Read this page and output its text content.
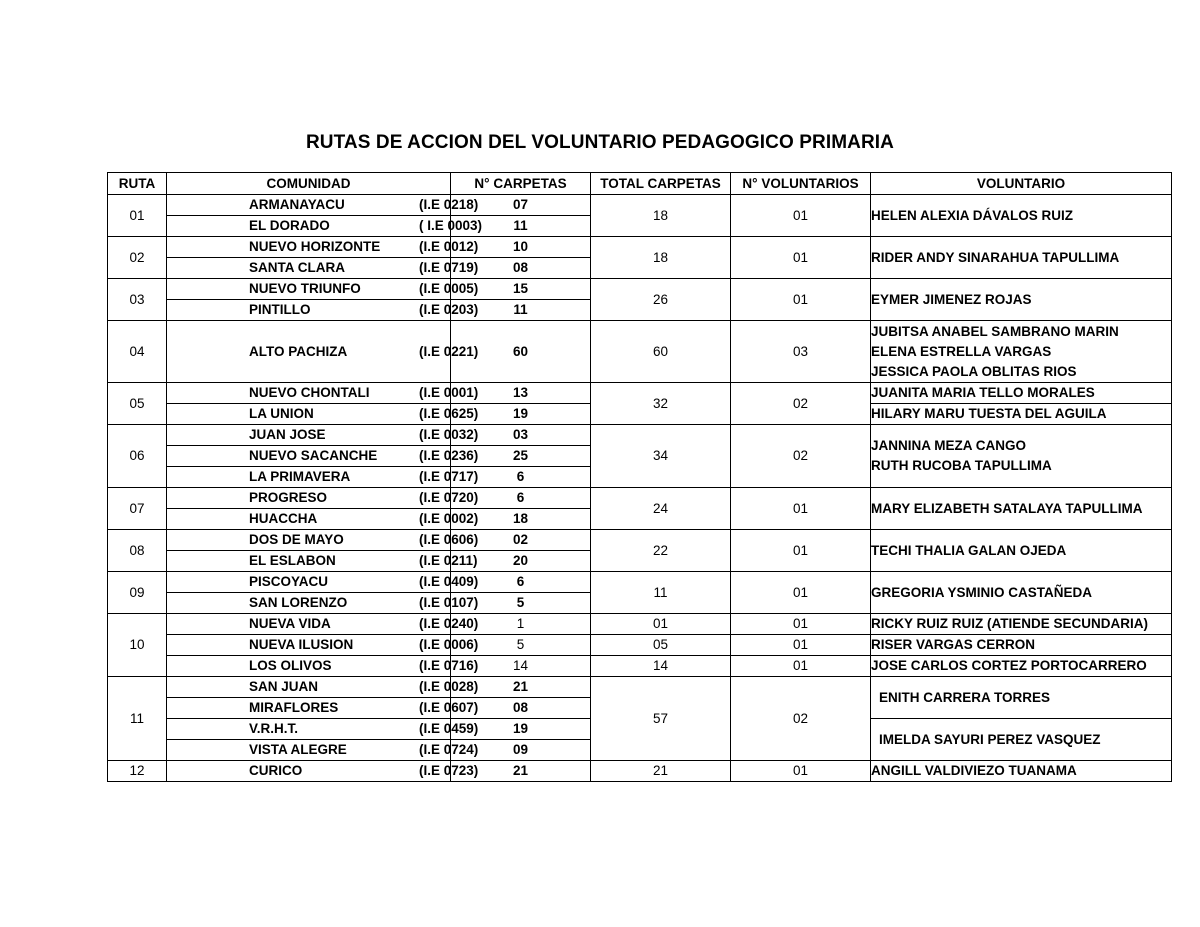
RUTAS DE ACCION DEL VOLUNTARIO PEDAGOGICO PRIMARIA
RUTA	COMUNIDAD	N° CARPETAS	TOTAL CARPETAS	N° VOLUNTARIOS	VOLUNTARIO
01	ARMANAYACU (I.E 0218)	07	18	01	HELEN ALEXIA DÁVALOS RUIZ

	EL DORADO ( I.E 0003)	11			
02	NUEVO HORIZONTE (I.E 0012)	10	18	01	RIDER ANDY SINARAHUA TAPULLIMA

	SANTA CLARA (I.E 0719)	08			
03	NUEVO TRIUNFO (I.E 0005)	15	26	01	EYMER JIMENEZ ROJAS

	PINTILLO (I.E 0203)	11			
04	ALTO PACHIZA (I.E 0221)	60	60	03	JUBITSA ANABEL SAMBRANO MARIN
ELENA ESTRELLA VARGAS
JESSICA PAOLA OBLITAS RIOS

05	NUEVO CHONTALI (I.E 0001)	13	32	02	JUANITA MARIA TELLO MORALES
	LA UNION (I.E 0625)	19			HILARY MARU TUESTA DEL AGUILA
06	JUAN JOSE (I.E 0032)	03	34	02	JANNINA MEZA CANGO
RUTH RUCOBA TAPULLIMA

	NUEVO SACANCHE (I.E 0236)	25			
	LA PRIMAVERA (I.E 0717)	6			
07	PROGRESO (I.E 0720)	6	24	01	MARY ELIZABETH SATALAYA TAPULLIMA

	HUACCHA (I.E 0002)	18			
08	DOS DE MAYO (I.E 0606)	02	22	01	TECHI THALIA GALAN OJEDA

	EL ESLABON (I.E 0211)	20			
09	PISCOYACU (I.E 0409)	6	11	01	GREGORIA YSMINIO CASTAÑEDA

	SAN LORENZO (I.E 0107)	5			
10	NUEVA VIDA (I.E 0240)	1	01	01	RICKY RUIZ RUIZ (ATIENDE SECUNDARIA)
	NUEVA ILUSION (I.E 0006)	5	05	01	RISER VARGAS CERRON
	LOS OLIVOS (I.E 0716)	14	14	01	JOSE CARLOS CORTEZ PORTOCARRERO
11	SAN JUAN (I.E 0028)	21	57	02	ENITH CARRERA TORRES
IMELDA SAYURI PEREZ VASQUEZ

	MIRAFLORES (I.E 0607)	08			
	V.R.H.T. (I.E 0459)	19			
	VISTA ALEGRE (I.E 0724)	09			
12	CURICO (I.E 0723)	21	21	01	ANGILL VALDIVIEZO TUANAMA
